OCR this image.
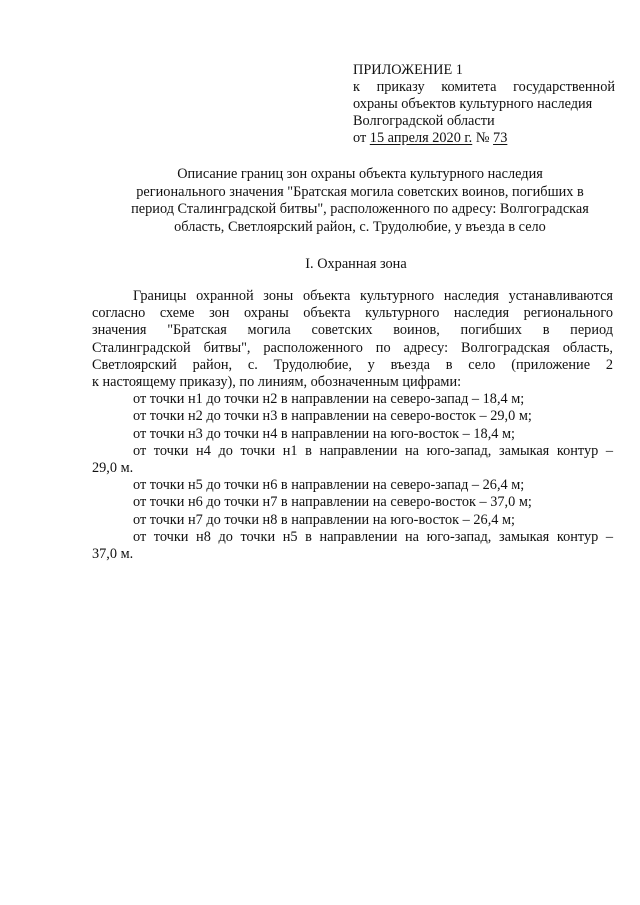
ПРИЛОЖЕНИЕ 1
к приказу комитета государственной
охраны объектов культурного наследия
Волгоградской области
от 15 апреля 2020 г. № 73
Описание границ зон охраны объекта культурного наследия
регионального значения "Братская могила советских воинов, погибших в
период Сталинградской битвы", расположенного по адресу: Волгоградская
область, Светлоярский район, с. Трудолюбие, у въезда в село
I. Охранная зона
Границы охранной зоны объекта культурного наследия устанавливаются
согласно схеме зон охраны объекта культурного наследия регионального
значения "Братская могила советских воинов, погибших в период
Сталинградской битвы", расположенного по адресу: Волгоградская область,
Светлоярский район, с. Трудолюбие, у въезда в село (приложение 2
к настоящему приказу), по линиям, обозначенным цифрами:
от точки н1 до точки н2 в направлении на северо-запад – 18,4 м;
от точки н2 до точки н3 в направлении на северо-восток – 29,0 м;
от точки н3 до точки н4 в направлении на юго-восток – 18,4 м;
от точки н4 до точки н1 в направлении на юго-запад, замыкая контур –
29,0 м.
от точки н5 до точки н6 в направлении на северо-запад – 26,4 м;
от точки н6 до точки н7 в направлении на северо-восток – 37,0 м;
от точки н7 до точки н8 в направлении на юго-восток – 26,4 м;
от точки н8 до точки н5 в направлении на юго-запад, замыкая контур –
37,0 м.
